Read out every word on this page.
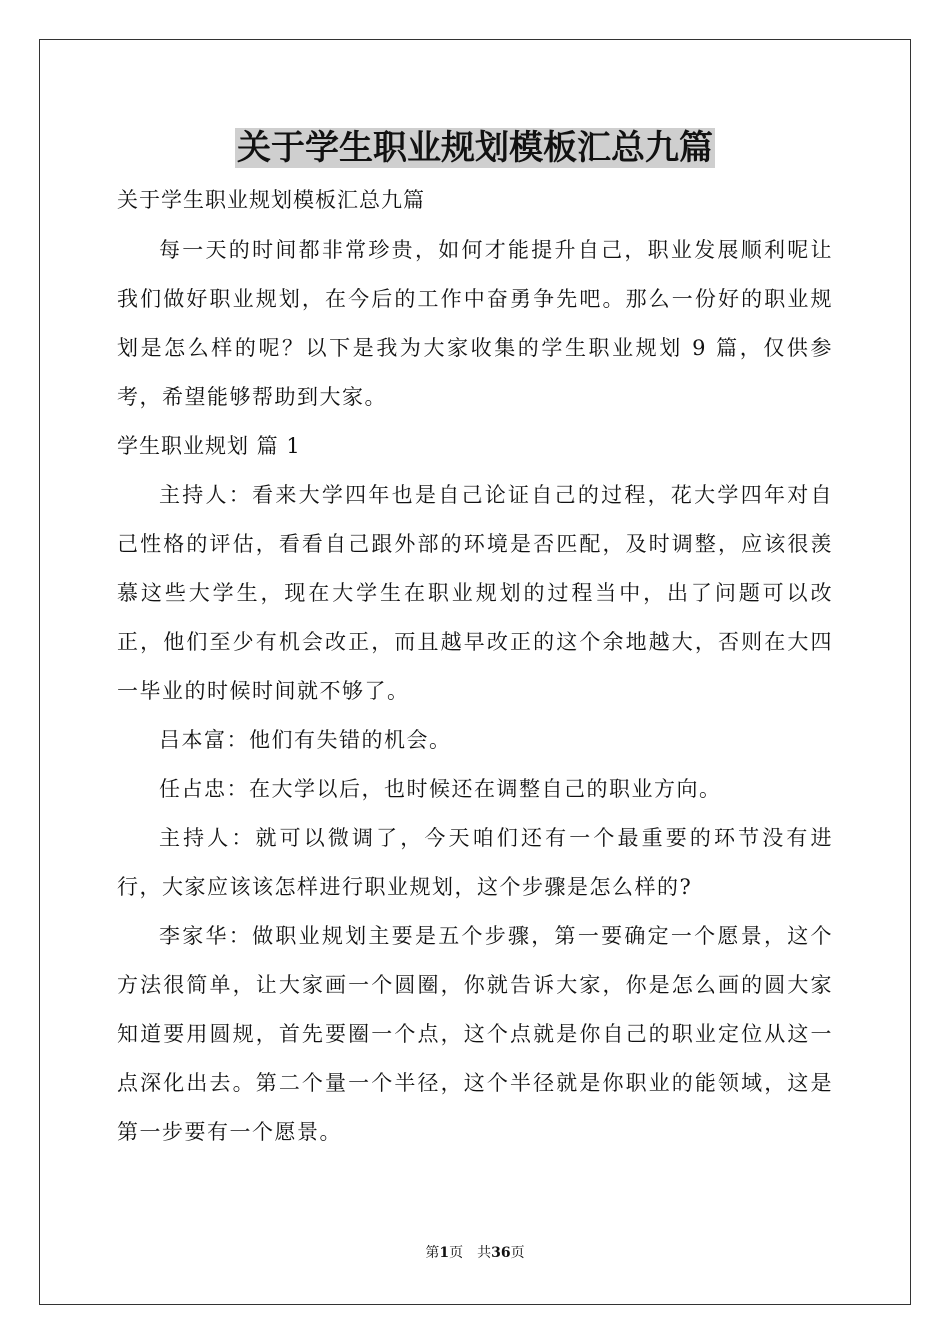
关于学生职业规划模板汇总九篇
关于学生职业规划模板汇总九篇

每一天的时间都非常珍贵，如何才能提升自己，职业发展顺利呢让我们做好职业规划，在今后的工作中奋勇争先吧。那么一份好的职业规划是怎么样的呢？以下是我为大家收集的学生职业规划 9 篇，仅供参考，希望能够帮助到大家。

学生职业规划 篇 1

主持人：看来大学四年也是自己论证自己的过程，花大学四年对自己性格的评估，看看自己跟外部的环境是否匹配，及时调整，应该很羡慕这些大学生，现在大学生在职业规划的过程当中，出了问题可以改正，他们至少有机会改正，而且越早改正的这个余地越大，否则在大四一毕业的时候时间就不够了。

吕本富：他们有失错的机会。

任占忠：在大学以后，也时候还在调整自己的职业方向。

主持人：就可以微调了，今天咱们还有一个最重要的环节没有进行，大家应该该怎样进行职业规划，这个步骤是怎么样的?

李家华：做职业规划主要是五个步骤，第一要确定一个愿景，这个方法很简单，让大家画一个圆圈，你就告诉大家，你是怎么画的圆大家知道要用圆规，首先要圈一个点，这个点就是你自己的职业定位从这一点深化出去。第二个量一个半径，这个半径就是你职业的能领域，这是第一步要有一个愿景。

第1页　共36页
